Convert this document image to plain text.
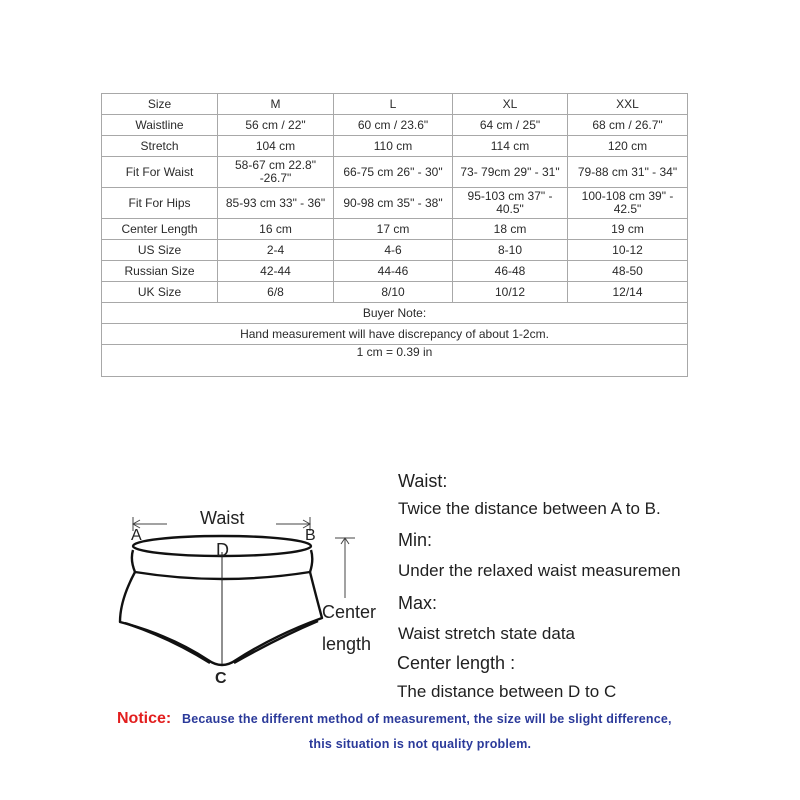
Size	M	L	XL	XXL
Waistline	56 cm / 22"	60 cm / 23.6"	64 cm / 25"	68 cm / 26.7"
Stretch	104 cm	110 cm	114 cm	120 cm
Fit For Waist	58-67 cm 22.8" -26.7"	66-75 cm 26" - 30"	73- 79cm 29" - 31"	79-88 cm 31" - 34"
Fit For Hips	85-93 cm 33" - 36"	90-98 cm 35" - 38"	95-103 cm 37" - 40.5"	100-108 cm 39" - 42.5"
Center Length	16 cm	17 cm	18 cm	19 cm
US Size	2-4	4-6	8-10	10-12
Russian Size	42-44	44-46	46-48	48-50
UK Size	6/8	8/10	10/12	12/14
Buyer Note:				
Hand measurement will have discrepancy of about 1-2cm.				
1 cm = 0.39 in				
Waist
A	B
D
C
Center
length
Waist:
Twice the distance between A to B.
Min:
Under the relaxed waist measuremen
Max:
Waist stretch state data
Center length :
The distance between D to C
Notice: Because the different method of measurement, the size will be slight difference,
this situation is not quality problem.
